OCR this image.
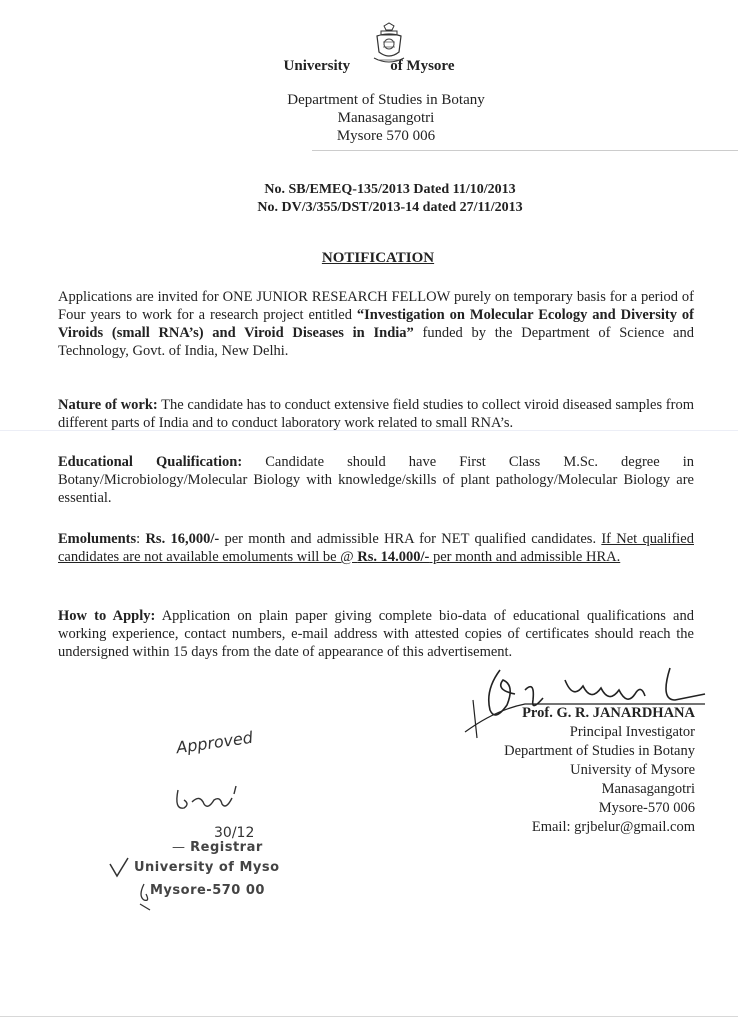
University	of Mysore
Department of Studies in Botany
Manasagangotri
Mysore 570 006
No. SB/EMEQ-135/2013 Dated 11/10/2013
No. DV/3/355/DST/2013-14 dated 27/11/2013
NOTIFICATION
Applications are invited for ONE JUNIOR RESEARCH FELLOW purely on temporary basis for a period of Four years to work for a research project entitled “Investigation on Molecular Ecology and Diversity of Viroids (small RNA’s) and Viroid Diseases in India” funded by the Department of Science and Technology, Govt. of India, New Delhi.
Nature of work: The candidate has to conduct extensive field studies to collect viroid diseased samples from different parts of India and to conduct laboratory work related to small RNA’s.
Educational Qualification: Candidate should have First Class M.Sc. degree in Botany/Microbiology/Molecular Biology with knowledge/skills of plant pathology/Molecular Biology are essential.
Emoluments: Rs. 16,000/- per month and admissible HRA for NET qualified candidates. If Net qualified candidates are not available emoluments will be @ Rs. 14.000/- per month and admissible HRA.
How to Apply: Application on plain paper giving complete bio-data of educational qualifications and working experience, contact numbers, e-mail address with attested copies of certificates should reach the undersigned within 15 days from the date of appearance of this advertisement.
Prof. G. R. JANARDHANA
Principal Investigator
Department of Studies in Botany
University of Mysore
Manasagangotri
Mysore-570 006
Email: grjbelur@gmail.com
Approved
30/12
— Registrar
University of Myso
Mysore-570 00
